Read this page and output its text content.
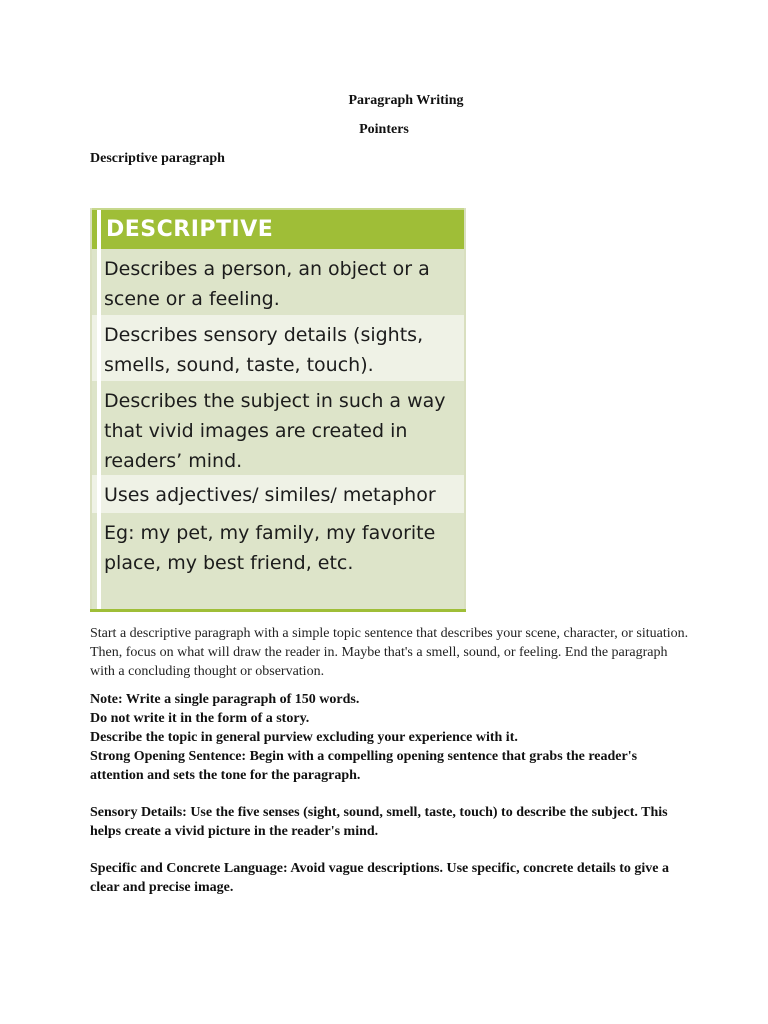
Paragraph Writing
Pointers
Descriptive paragraph
DESCRIPTIVE
Describes a person, an object or a scene or a feeling.
Describes sensory details (sights, smells, sound, taste, touch).
Describes the subject in such a way that vivid images are created in readers’ mind.
Uses adjectives/ similes/ metaphor
Eg: my pet, my family, my favorite place, my best friend, etc.
Start a descriptive paragraph with a simple topic sentence that describes your scene, character, or situation. Then, focus on what will draw the reader in. Maybe that's a smell, sound, or feeling. End the paragraph with a concluding thought or observation.

Note: Write a single paragraph of 150 words.

Do not write it in the form of a story.

Describe the topic in general purview excluding your experience with it.

Strong Opening Sentence: Begin with a compelling opening sentence that grabs the reader's attention and sets the tone for the paragraph.

Sensory Details: Use the five senses (sight, sound, smell, taste, touch) to describe the subject. This helps create a vivid picture in the reader's mind.

Specific and Concrete Language: Avoid vague descriptions. Use specific, concrete details to give a clear and precise image.
